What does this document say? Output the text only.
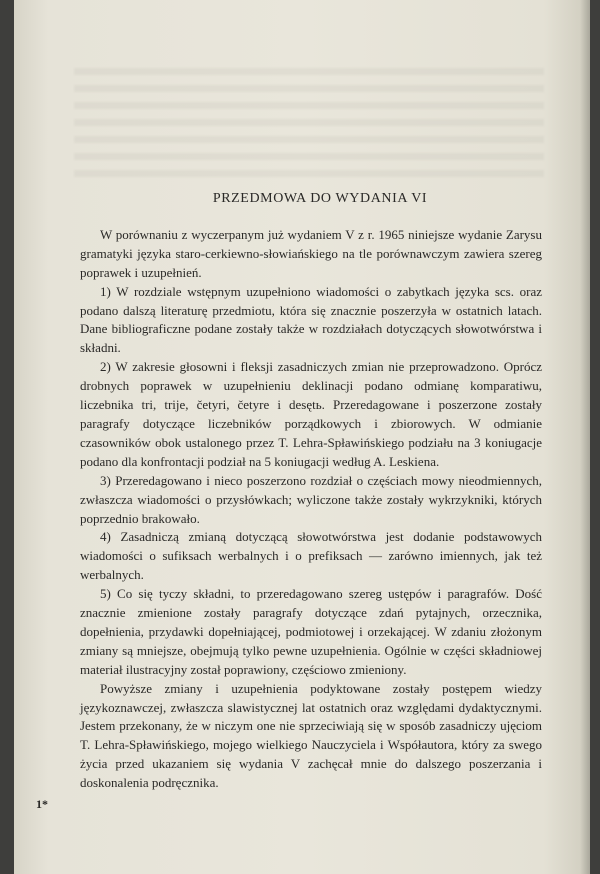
PRZEDMOWA DO WYDANIA VI

W porównaniu z wyczerpanym już wydaniem V z r. 1965 niniejsze wydanie Zarysu gramatyki języka staro-cerkiewno-słowiańskiego na tle porównawczym zawiera szereg poprawek i uzupełnień.

1) W rozdziale wstępnym uzupełniono wiadomości o zabytkach języka scs. oraz podano dalszą literaturę przedmiotu, która się znacznie poszerzyła w ostatnich latach. Dane bibliograficzne podane zostały także w rozdziałach dotyczących słowotwórstwa i składni.

2) W zakresie głosowni i fleksji zasadniczych zmian nie przeprowadzono. Oprócz drobnych poprawek w uzupełnieniu deklinacji podano odmianę komparatiwu, liczebnika tri, trije, četyri, četyre i desętь. Przeredagowane i poszerzone zostały paragrafy dotyczące liczebników porządkowych i zbiorowych. W odmianie czasowników obok ustalonego przez T. Lehra-Spławińskiego podziału na 3 koniugacje podano dla konfrontacji podział na 5 koniugacji według A. Leskiena.

3) Przeredagowano i nieco poszerzono rozdział o częściach mowy nieodmiennych, zwłaszcza wiadomości o przysłówkach; wyliczone także zostały wykrzykniki, których poprzednio brakowało.

4) Zasadniczą zmianą dotyczącą słowotwórstwa jest dodanie podstawowych wiadomości o sufiksach werbalnych i o prefiksach — zarówno imiennych, jak też werbalnych.

5) Co się tyczy składni, to przeredagowano szereg ustępów i paragrafów. Dość znacznie zmienione zostały paragrafy dotyczące zdań pytajnych, orzecznika, dopełnienia, przydawki dopełniającej, podmiotowej i orzekającej. W zdaniu złożonym zmiany są mniejsze, obejmują tylko pewne uzupełnienia. Ogólnie w części składniowej materiał ilustracyjny został poprawiony, częściowo zmieniony.

Powyższe zmiany i uzupełnienia podyktowane zostały postępem wiedzy językoznawczej, zwłaszcza slawistycznej lat ostatnich oraz względami dydaktycznymi. Jestem przekonany, że w niczym one nie sprzeciwiają się w sposób zasadniczy ujęciom T. Lehra-Spławińskiego, mojego wielkiego Nauczyciela i Współautora, który za swego życia przed ukazaniem się wydania V zachęcał mnie do dalszego poszerzania i doskonalenia podręcznika.

1*
